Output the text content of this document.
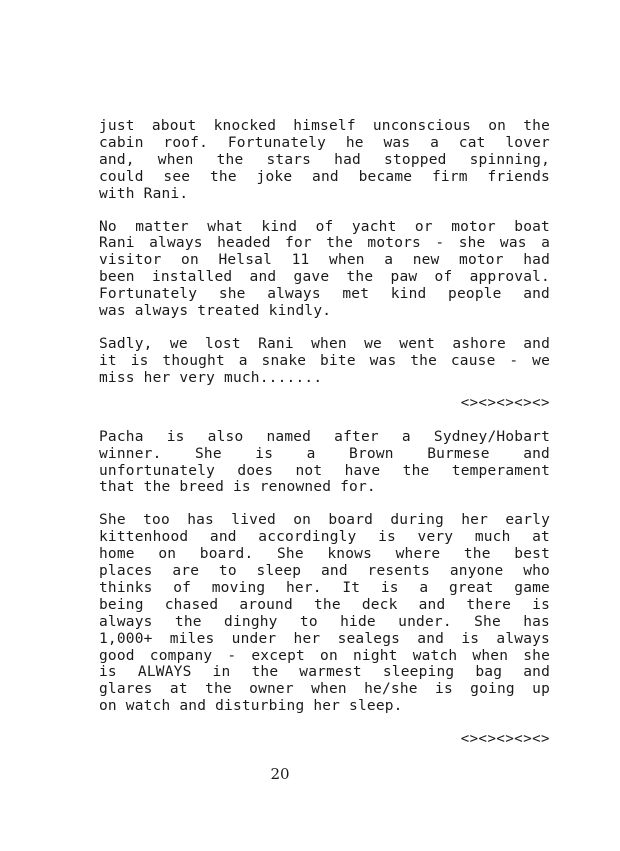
just about knocked himself unconscious on the
cabin roof. Fortunately he was a cat lover
and, when the stars had stopped spinning,
could see the joke and became firm friends
with Rani.

No matter what kind of yacht or motor boat
Rani always headed for the motors - she was a
visitor on Helsal 11 when a new motor had
been installed and gave the paw of approval.
Fortunately she always met kind people and
was always treated kindly.

Sadly, we lost Rani when we went ashore and
it is thought a snake bite was the cause - we
miss her very much.......

<><><><><>

Pacha is also named after a Sydney/Hobart
winner. She is a Brown Burmese and
unfortunately does not have the temperament
that the breed is renowned for.

She too has lived on board during her early
kittenhood and accordingly is very much at
home on board. She knows where the best
places are to sleep and resents anyone who
thinks of moving her. It is a great game
being chased around the deck and there is
always the dinghy to hide under. She has
1,000+ miles under her sealegs and is always
good company - except on night watch when she
is ALWAYS in the warmest sleeping bag and
glares at the owner when he/she is going up
on watch and disturbing her sleep.

<><><><><>

20
